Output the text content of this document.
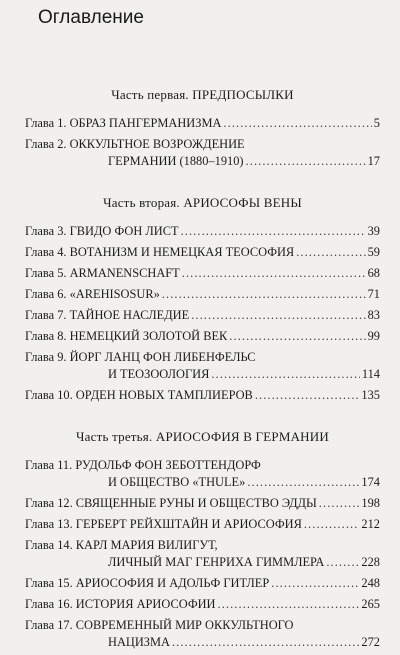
Оглавление
Часть первая. ПРЕДПОСЫЛКИ
Глава 1. ОБРАЗ ПАНГЕРМАНИЗМА . . .	5
Глава 2. ОККУЛЬТНОЕ ВОЗРОЖДЕНИЕ
ГЕРМАНИИ (1880–1910) . . .	17
Часть вторая. АРИОСОФЫ ВЕНЫ
Глава 3. ГВИДО ФОН ЛИСТ . . .	39
Глава 4. ВОТАНИЗМ И НЕМЕЦКАЯ ТЕОСОФИЯ . . .	59
Глава 5. ARMANENSCHAFT . . .	68
Глава 6. «AREHISOSUR» . . .	71
Глава 7. ТАЙНОЕ НАСЛЕДИЕ . . .	83
Глава 8. НЕМЕЦКИЙ ЗОЛОТОЙ ВЕК . . .	99
Глава 9. ЙОРГ ЛАНЦ ФОН ЛИБЕНФЕЛЬС
И ТЕОЗООЛОГИЯ . . .	114
Глава 10. ОРДЕН НОВЫХ ТАМПЛИЕРОВ . . .	135
Часть третья. АРИОСОФИЯ В ГЕРМАНИИ
Глава 11. РУДОЛЬФ ФОН ЗЕБОТТЕНДОРФ
И ОБЩЕСТВО «THULE» . . .	174
Глава 12. СВЯЩЕННЫЕ РУНЫ И ОБЩЕСТВО ЭДДЫ . . .	198
Глава 13. ГЕРБЕРТ РЕЙХШТАЙН И АРИОСОФИЯ . . .	212
Глава 14. КАРЛ МАРИЯ ВИЛИГУТ,
ЛИЧНЫЙ МАГ ГЕНРИХА ГИММЛЕРА . . .	228
Глава 15. АРИОСОФИЯ И АДОЛЬФ ГИТЛЕР . . .	248
Глава 16. ИСТОРИЯ АРИОСОФИИ . . .	265
Глава 17. СОВРЕМЕННЫЙ МИР ОККУЛЬТНОГО
НАЦИЗМА . . .	272
